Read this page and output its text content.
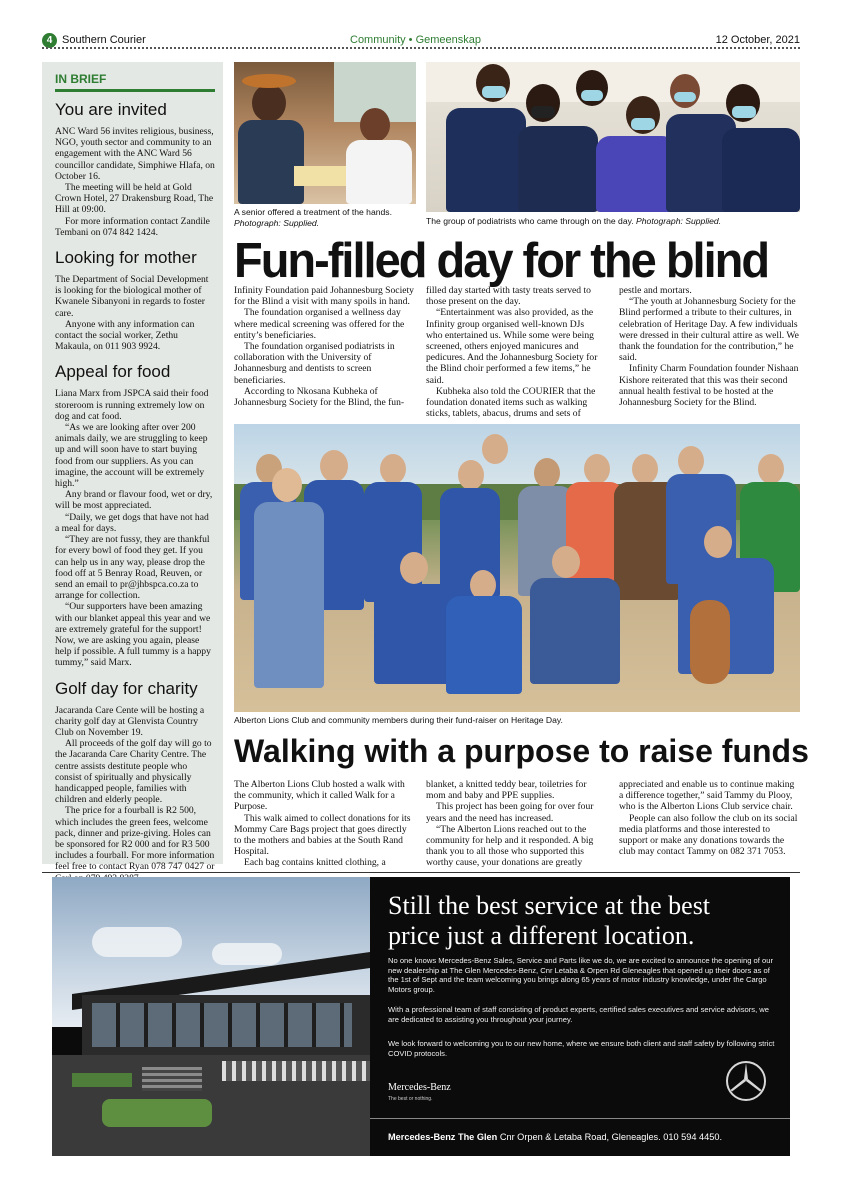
4 Southern Courier	Community • Gemeenskap	12 October, 2021
IN BRIEF
You are invited

ANC Ward 56 invites religious, business, NGO, youth sector and community to an engagement with the ANC Ward 56 councillor candidate, Simphiwe Hlafa, on October 16.

The meeting will be held at Gold Crown Hotel, 27 Drakensburg Road, The Hill at 09:00.

For more information contact Zandile Tembani on 074 842 1424.

Looking for mother

The Department of Social Development is looking for the biological mother of Kwanele Sibanyoni in regards to foster care.

Anyone with any information can contact the social worker, Zethu Makaula, on 011 903 9924.

Appeal for food

Liana Marx from JSPCA said their food storeroom is running extremely low on dog and cat food.

“As we are looking after over 200 animals daily, we are struggling to keep up and will soon have to start buying food from our suppliers. As you can imagine, the account will be extremely high.”

Any brand or flavour food, wet or dry, will be most appreciated.

“Daily, we get dogs that have not had a meal for days.

“They are not fussy, they are thankful for every bowl of food they get. If you can help us in any way, please drop the food off at 5 Benray Road, Reuven, or send an email to pr@jhbspca.co.za to arrange for collection.

“Our supporters have been amazing with our blanket appeal this year and we are extremely grateful for the support! Now, we are asking you again, please help if possible. A full tummy is a happy tummy,” said Marx.

Golf day for charity

Jacaranda Care Cente will be hosting a charity golf day at Glenvista Country Club on November 19.

All proceeds of the golf day will go to the Jacaranda Care Charity Centre. The centre assists destitute people who consist of spiritually and physically handicapped people, families with children and elderly people.

The price for a fourball is R2 500, which includes the green fees, welcome pack, dinner and prize-giving. Holes can be sponsored for R2 000 and for R3 500 includes a fourball. For more information feel free to contact Ryan 078 747 0427 or

A senior offered a treatment of the hands. Photograph: Supplied.	The group of podiatrists who came through on the day. Photograph: Supplied.
Fun-filled day for the blind

Infinity Foundation paid Johannesburg Society for the Blind a visit with many spoils in hand.

The foundation organised a wellness day where medical screening was offered for the entity’s beneficiaries.

The foundation organised podiatrists in collaboration with the University of Johannesburg and dentists to screen beneficiaries.

According to Nkosana Kubheka of Johannesburg Society for the Blind, the fun-

filled day started with tasty treats served to those present on the day.

“Entertainment was also provided, as the Infinity group organised well-known DJs who entertained us. While some were being screened, others enjoyed manicures and pedicures. And the Johannesburg Society for the Blind choir performed a few items,” he said.

Kubheka also told the COURIER that the foundation donated items such as walking sticks, tablets, abacus, drums and sets of

pestle and mortars.

“The youth at Johannesburg Society for the Blind performed a tribute to their cultures, in celebration of Heritage Day. A few individuals were dressed in their cultural attire as well. We thank the foundation for the contribution,” he said.

Infinity Charm Foundation founder Nishaan Kishore reiterated that this was their second annual health festival to be hosted at the Johannesburg Society for the Blind.

Alberton Lions Club and community members during their fund-raiser on Heritage Day.
Walking with a purpose to raise funds

The Alberton Lions Club hosted a walk with the community, which it called Walk for a Purpose.

This walk aimed to collect donations for its Mommy Care Bags project that goes directly to the mothers and babies at the South Rand Hospital.

Each bag contains knitted clothing, a

blanket, a knitted teddy bear, toiletries for mom and baby and PPE supplies.

This project has been going for over four years and the need has increased.

“The Alberton Lions reached out to the community for help and it responded. A big thank you to all those who supported this worthy cause, your donations are greatly

appreciated and enable us to continue making a difference together,” said Tammy du Plooy, who is the Alberton Lions Club service chair.

People can also follow the club on its social media platforms and those interested to support or make any donations towards the club may contact Tammy on 082 371 7053.

Still the best service at the best
price just a different location.

No one knows Mercedes-Benz Sales, Service and Parts like we do, we are excited to announce the opening of our new dealership at The Glen Mercedes-Benz, Cnr Letaba & Orpen Rd Gleneagles that opened up their doors as of the 1st of Sept and the team welcoming you brings along 65 years of motor industry knowledge, under the Cargo Motors group.

With a professional team of staff consisting of product experts, certified sales executives and service advisors, we are dedicated to assisting you throughout your journey.

We look forward to welcoming you to our new home, where we ensure both client and staff safety by following strict COVID protocols.

Mercedes-Benz
The best or nothing.
Mercedes-Benz The Glen Cnr Orpen & Letaba Road, Gleneagles. 010 594 4450.
